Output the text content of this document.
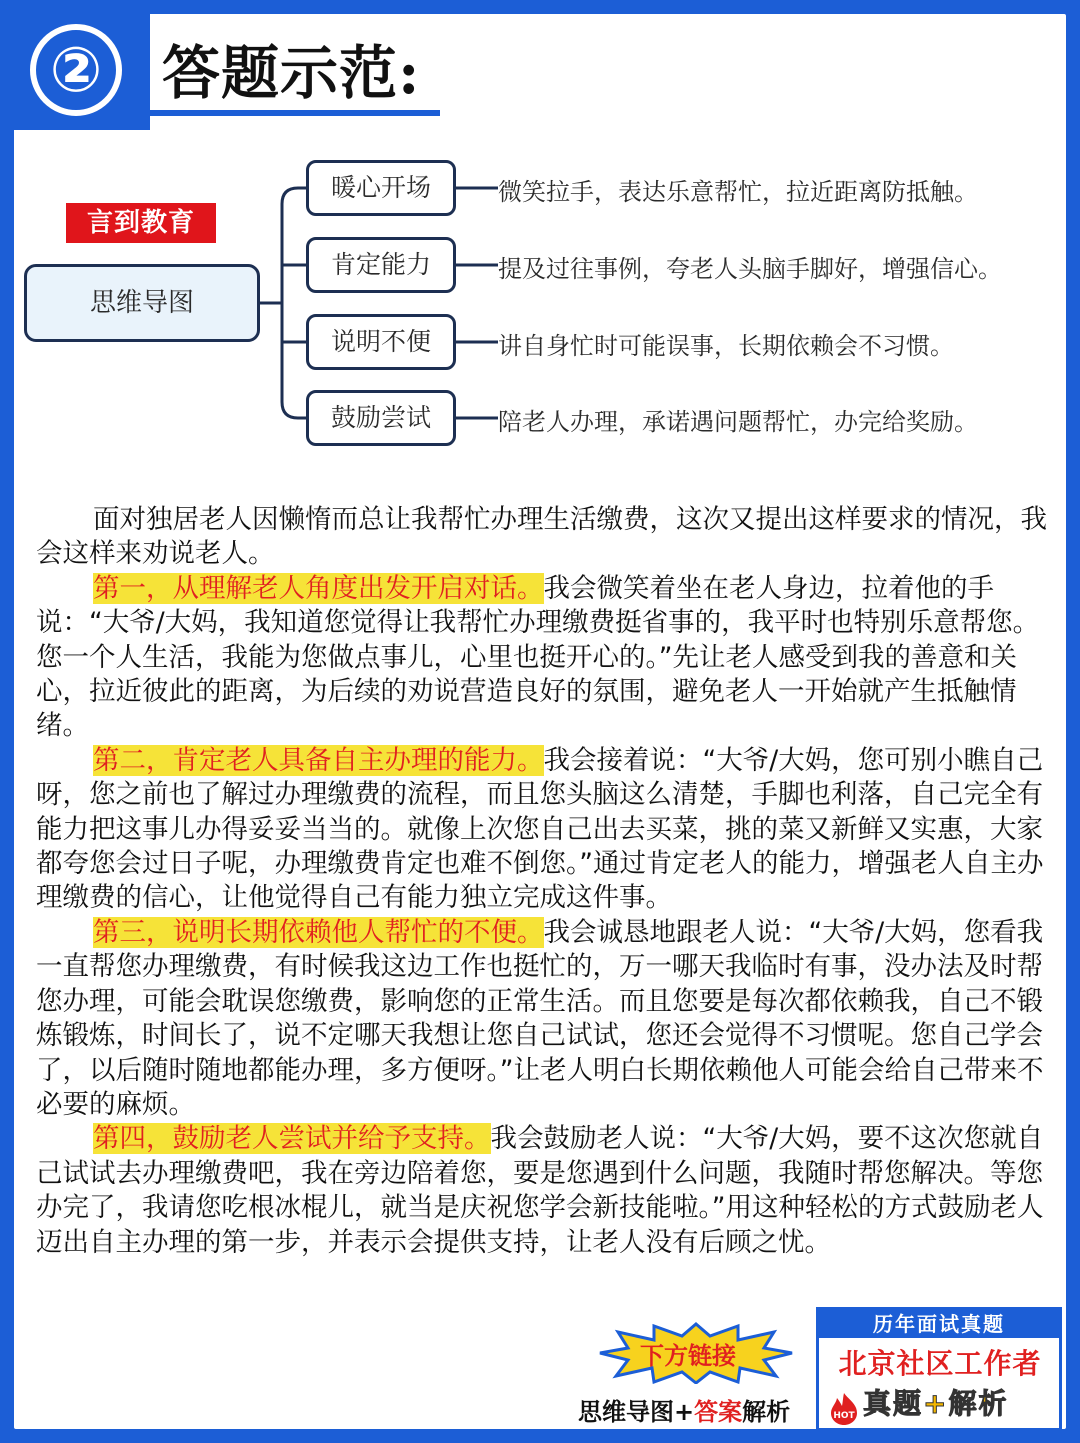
②	答题示范:
言到教育
思维导图
暖心开场
肯定能力
说明不便
鼓励尝试
微笑拉手，表达乐意帮忙，拉近距离防抵触。
提及过往事例，夸老人头脑手脚好，增强信心。
讲自身忙时可能误事，长期依赖会不习惯。
陪老人办理，承诺遇问题帮忙，办完给奖励。

面对独居老人因懒惰而总让我帮忙办理生活缴费，这次又提出这样要求的情况，我会这样来劝说老人。

第一，从理解老人角度出发开启对话。我会微笑着坐在老人身边，拉着他的手说：“大爷/大妈，我知道您觉得让我帮忙办理缴费挺省事的，我平时也特别乐意帮您。您一个人生活，我能为您做点事儿，心里也挺开心的。”先让老人感受到我的善意和关心，拉近彼此的距离，为后续的劝说营造良好的氛围，避免老人一开始就产生抵触情绪。

第二，肯定老人具备自主办理的能力。我会接着说：“大爷/大妈，您可别小瞧自己呀，您之前也了解过办理缴费的流程，而且您头脑这么清楚，手脚也利落，自己完全有能力把这事儿办得妥妥当当的。就像上次您自己出去买菜，挑的菜又新鲜又实惠，大家都夸您会过日子呢，办理缴费肯定也难不倒您。”通过肯定老人的能力，增强老人自主办理缴费的信心，让他觉得自己有能力独立完成这件事。

第三，说明长期依赖他人帮忙的不便。我会诚恳地跟老人说：“大爷/大妈，您看我一直帮您办理缴费，有时候我这边工作也挺忙的，万一哪天我临时有事，没办法及时帮您办理，可能会耽误您缴费，影响您的正常生活。而且您要是每次都依赖我，自己不锻炼锻炼，时间长了，说不定哪天我想让您自己试试，您还会觉得不习惯呢。您自己学会了，以后随时随地都能办理，多方便呀。”让老人明白长期依赖他人可能会给自己带来不必要的麻烦。

第四，鼓励老人尝试并给予支持。我会鼓励老人说：“大爷/大妈，要不这次您就自己试试去办理缴费吧，我在旁边陪着您，要是您遇到什么问题，我随时帮您解决。等您办完了，我请您吃根冰棍儿，就当是庆祝您学会新技能啦。”用这种轻松的方式鼓励老人迈出自主办理的第一步，并表示会提供支持，让老人没有后顾之忧。

下方链接
思维导图+答案解析
历年面试真题
北京社区工作者
HOT 真题+解析
